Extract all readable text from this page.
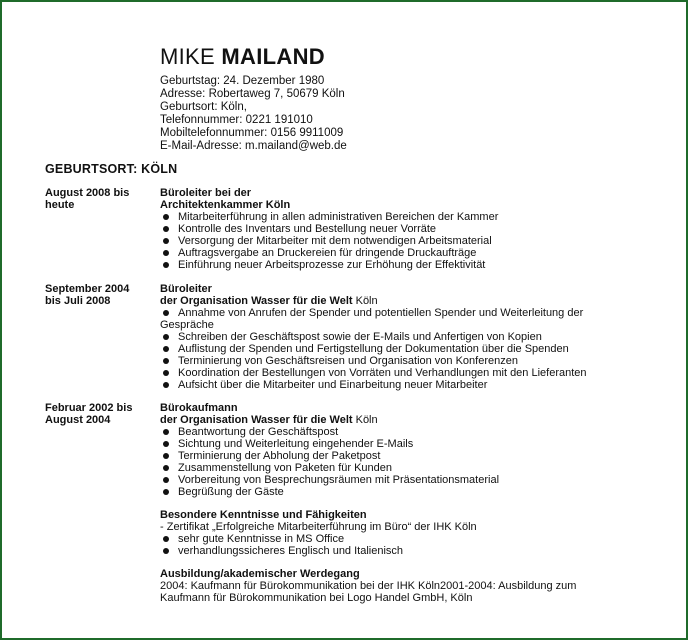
MIKE MAILAND
Geburtstag: 24. Dezember 1980
Adresse: Robertaweg 7, 50679 Köln
Geburtsort: Köln,
Telefonnummer: 0221 191010
Mobiltelefonnummer: 0156 9911009
E-Mail-Adresse: m.mailand@web.de
GEBURTSORT: KÖLN
August 2008 bis heute
Büroleiter bei der
Architektenkammer Köln
Mitarbeiterführung in allen administrativen Bereichen der Kammer
Kontrolle des Inventars und Bestellung neuer Vorräte
Versorgung der Mitarbeiter mit dem notwendigen Arbeitsmaterial
Auftragsvergabe an Druckereien für dringende Druckaufträge
Einführung neuer Arbeitsprozesse zur Erhöhung der Effektivität
September 2004 bis Juli 2008
Büroleiter
der Organisation Wasser für die Welt Köln
Annahme von Anrufen der Spender und potentiellen Spender und Weiterleitung der Gespräche
Schreiben der Geschäftspost sowie der E-Mails und Anfertigen von Kopien
Auflistung der Spenden und Fertigstellung der Dokumentation über die Spenden
Terminierung von Geschäftsreisen und Organisation von Konferenzen
Koordination der Bestellungen von Vorräten und Verhandlungen mit den Lieferanten
Aufsicht über die Mitarbeiter und Einarbeitung neuer Mitarbeiter
Februar 2002 bis August 2004
Bürokaufmann
der Organisation Wasser für die Welt Köln
Beantwortung der Geschäftspost
Sichtung und Weiterleitung eingehender E-Mails
Terminierung der Abholung der Paketpost
Zusammenstellung von Paketen für Kunden
Vorbereitung von Besprechungsräumen mit Präsentationsmaterial
Begrüßung der Gäste
Besondere Kenntnisse und Fähigkeiten
- Zertifikat „Erfolgreiche Mitarbeiterführung im Büro“ der IHK Köln
sehr gute Kenntnisse in MS Office
verhandlungssicheres Englisch und Italienisch
Ausbildung/akademischer Werdegang
2004: Kaufmann für Bürokommunikation bei der IHK Köln2001-2004: Ausbildung zum
Kaufmann für Bürokommunikation bei Logo Handel GmbH, Köln
